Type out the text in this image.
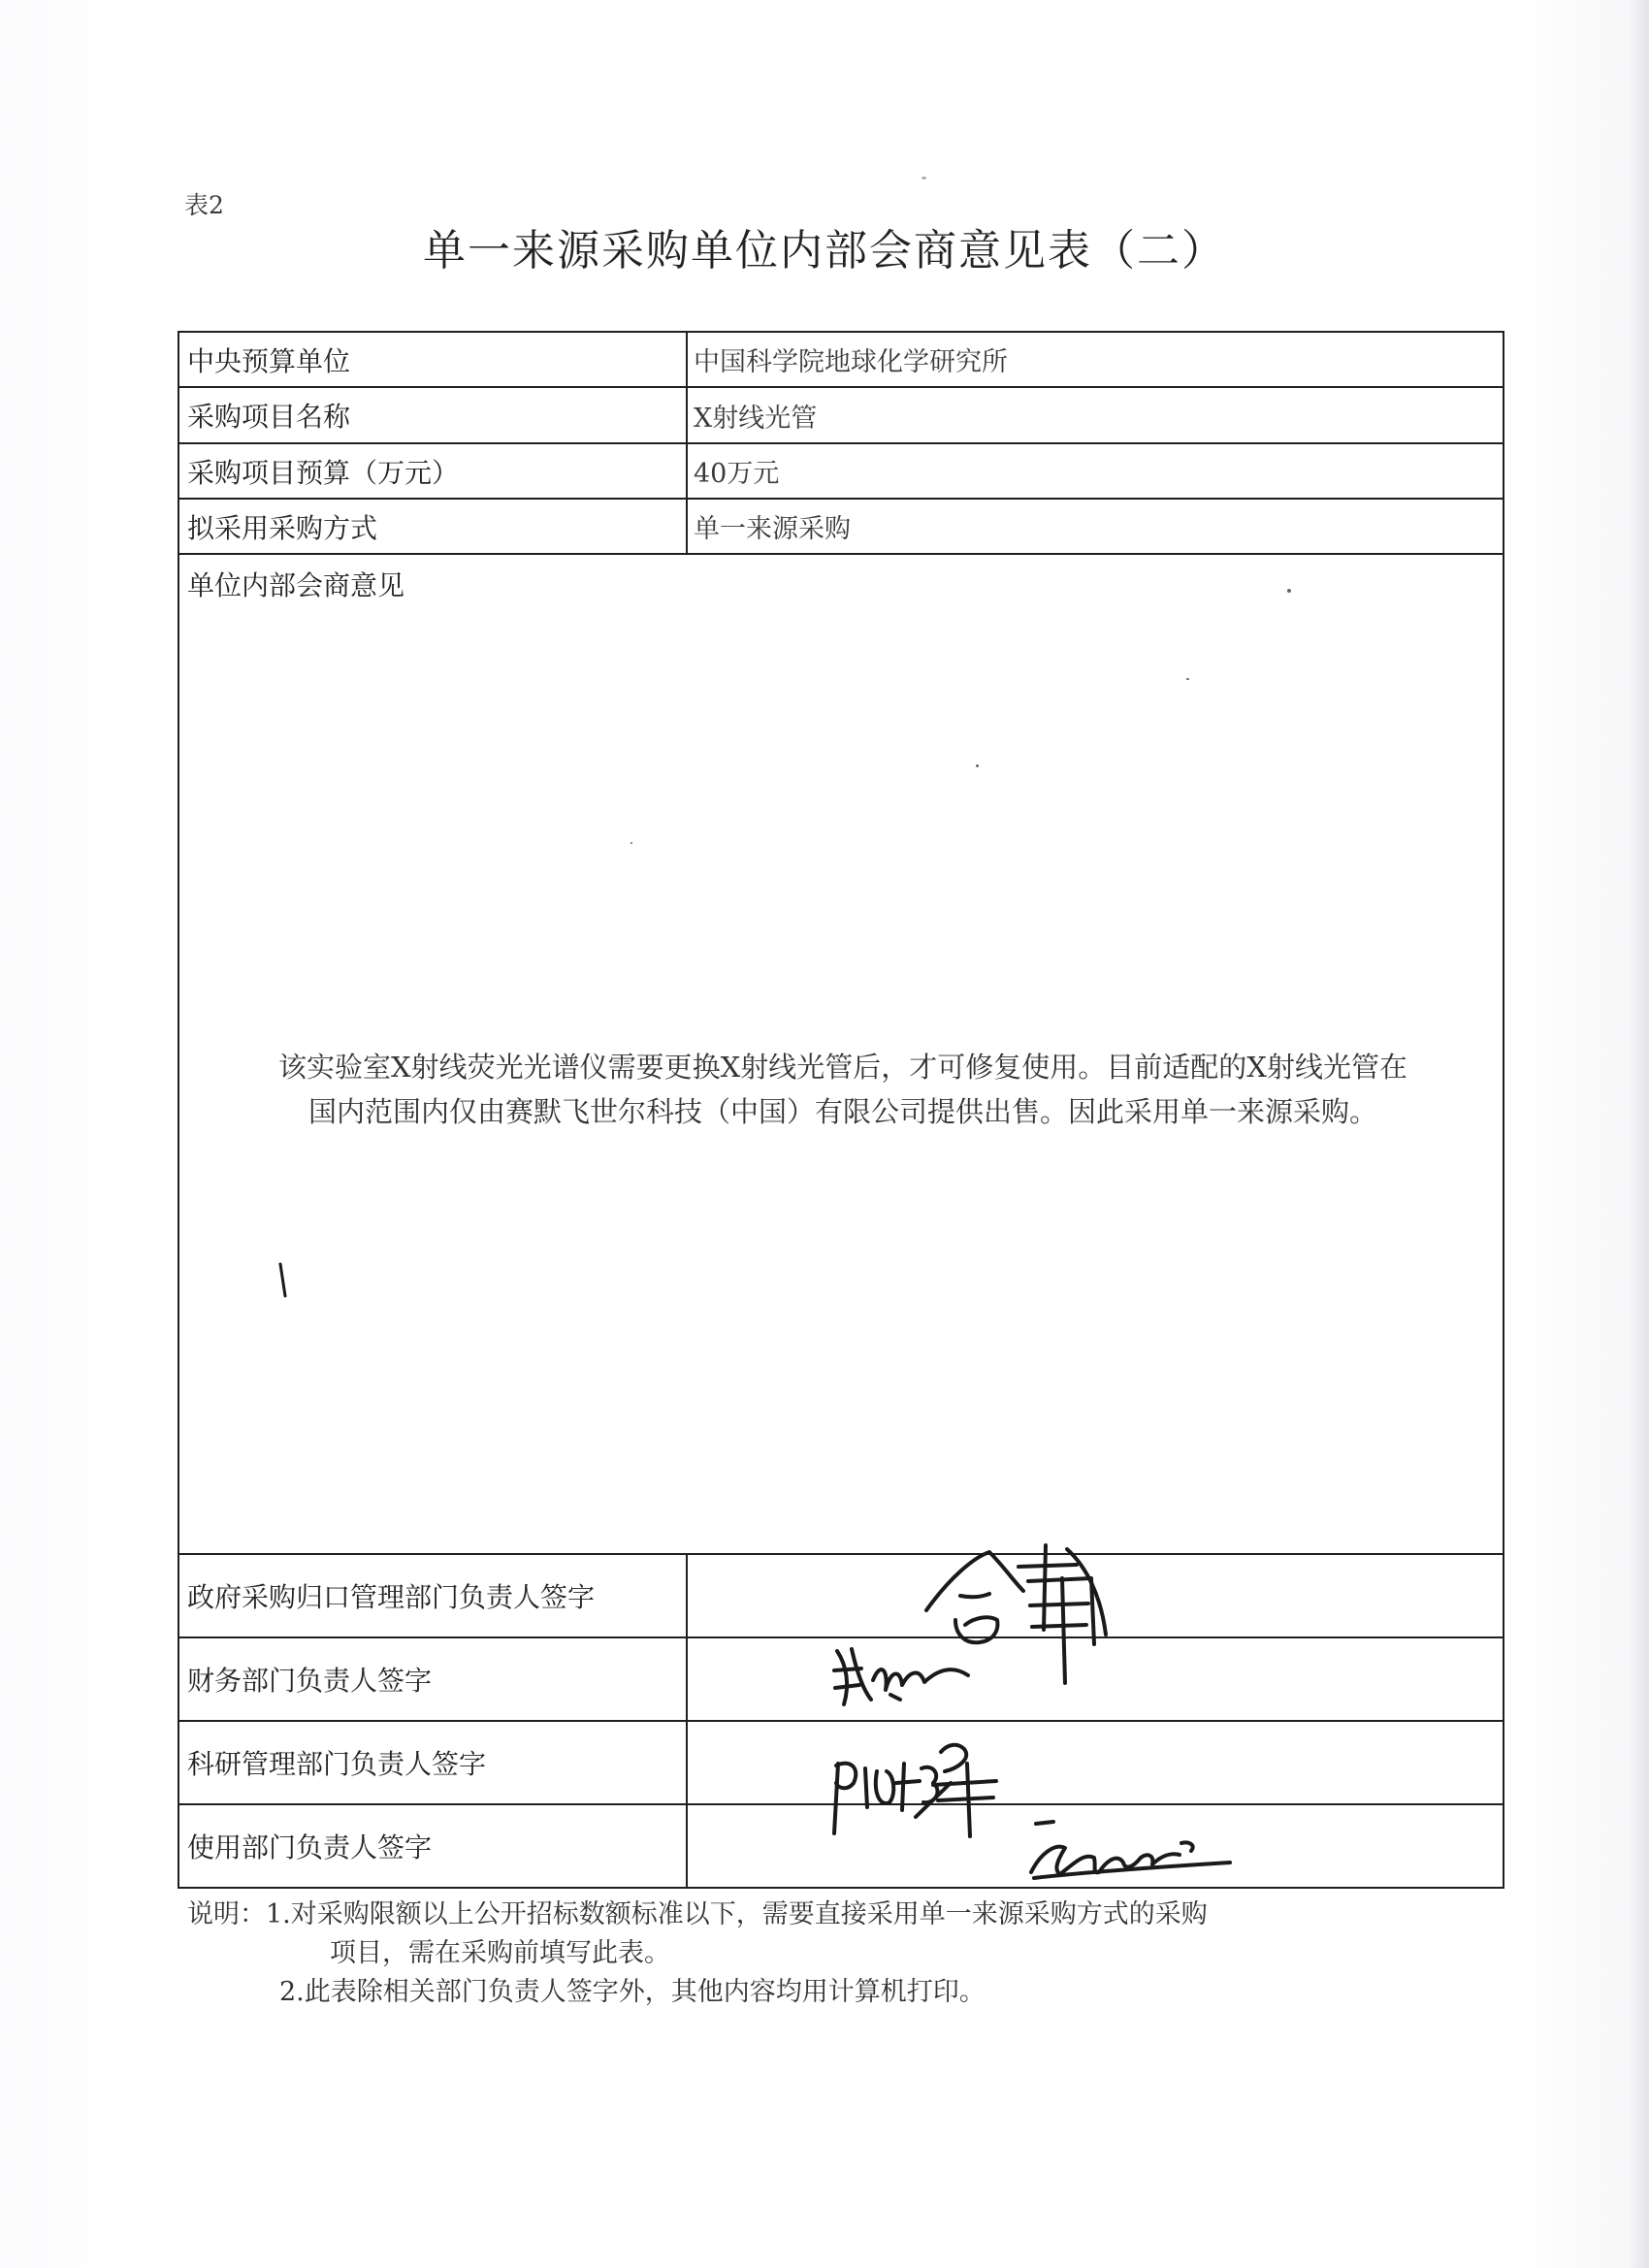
表2
单一来源采购单位内部会商意见表（二）
中央预算单位	中国科学院地球化学研究所
采购项目名称	X射线光管
采购项目预算（万元）	40万元
拟采用采购方式	单一来源采购
单位内部会商意见

该实验室X射线荧光光谱仪需要更换X射线光管后，才可修复使用。目前适配的X射线光管在

国内范围内仅由赛默飞世尔科技（中国）有限公司提供出售。因此采用单一来源采购。

政府采购归口管理部门负责人签字
财务部门负责人签字
科研管理部门负责人签字
使用部门负责人签字
说明：1.对采购限额以上公开招标数额标准以下，需要直接采用单一来源采购方式的采购
项目，需在采购前填写此表。
2.此表除相关部门负责人签字外，其他内容均用计算机打印。
